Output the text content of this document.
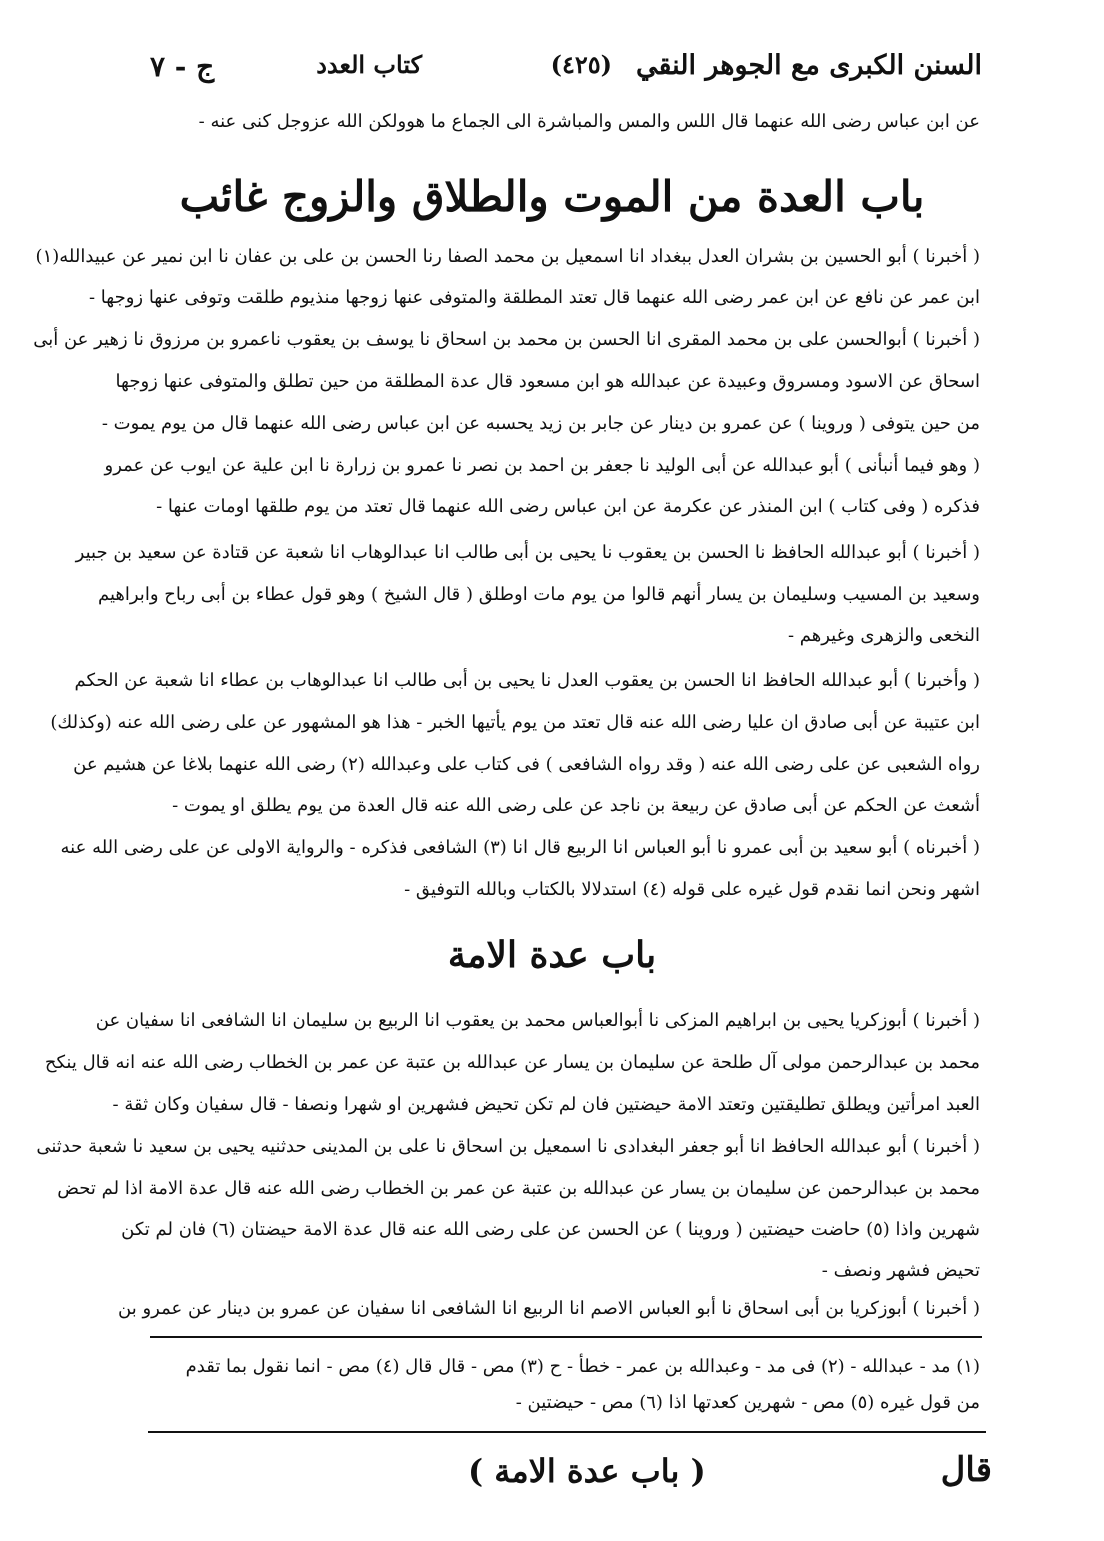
السنن الكبرى مع الجوهر النقي
(٤٢٥)
كتاب العدد
ج - ٧
عن ابن عباس رضى الله عنهما قال اللس والمس والمباشرة الى الجماع ما هوولكن الله عزوجل كنى عنه -
باب العدة من الموت والطلاق والزوج غائب
( أخبرنا ) أبو الحسين بن بشران العدل ببغداد انا اسمعيل بن محمد الصفا رنا الحسن بن على بن عفان نا ابن نمير عن عبيدالله(١)
ابن عمر عن نافع عن ابن عمر رضى الله عنهما قال تعتد المطلقة والمتوفى عنها زوجها منذيوم طلقت وتوفى عنها زوجها -
( أخبرنا ) أبوالحسن على بن محمد المقرى انا الحسن بن محمد بن اسحاق نا يوسف بن يعقوب ناعمرو بن مرزوق نا زهير عن أبى
اسحاق عن الاسود ومسروق وعبيدة عن عبدالله هو ابن مسعود قال عدة المطلقة من حين تطلق والمتوفى عنها زوجها
من حين يتوفى ( وروينا ) عن عمرو بن دينار عن جابر بن زيد يحسبه عن ابن عباس رضى الله عنهما قال من يوم يموت -
( وهو فيما أنبأنى ) أبو عبدالله عن أبى الوليد نا جعفر بن احمد بن نصر نا عمرو بن زرارة نا ابن علية عن ايوب عن عمرو
فذكره ( وفى كتاب ) ابن المنذر عن عكرمة عن ابن عباس رضى الله عنهما قال تعتد من يوم طلقها اومات عنها -
( أخبرنا ) أبو عبدالله الحافظ نا الحسن بن يعقوب نا يحيى بن أبى طالب انا عبدالوهاب انا شعبة عن قتادة عن سعيد بن جبير
وسعيد بن المسيب وسليمان بن يسار أنهم قالوا من يوم مات اوطلق ( قال الشيخ ) وهو قول عطاء بن أبى رباح وابراهيم
النخعى والزهرى وغيرهم -
( وأخبرنا ) أبو عبدالله الحافظ انا الحسن بن يعقوب العدل نا يحيى بن أبى طالب انا عبدالوهاب بن عطاء انا شعبة عن الحكم
ابن عتيبة عن أبى صادق ان عليا رضى الله عنه قال تعتد من يوم يأتيها الخبر - هذا هو المشهور عن على رضى الله عنه (وكذلك)
رواه الشعبى عن على رضى الله عنه ( وقد رواه الشافعى ) فى كتاب على وعبدالله (٢) رضى الله عنهما بلاغا عن هشيم عن
أشعث عن الحكم عن أبى صادق عن ربيعة بن ناجد عن على رضى الله عنه قال العدة من يوم يطلق او يموت -
( أخبرناه ) أبو سعيد بن أبى عمرو نا أبو العباس انا الربيع قال انا (٣) الشافعى فذكره - والرواية الاولى عن على رضى الله عنه
اشهر ونحن انما نقدم قول غيره على قوله (٤) استدلالا بالكتاب وبالله التوفيق -
باب عدة الامة
( أخبرنا ) أبوزكريا يحيى بن ابراهيم المزكى نا أبوالعباس محمد بن يعقوب انا الربيع بن سليمان انا الشافعى انا سفيان عن
محمد بن عبدالرحمن مولى آل طلحة عن سليمان بن يسار عن عبدالله بن عتبة عن عمر بن الخطاب رضى الله عنه انه قال ينكح
العبد امرأتين ويطلق تطليقتين وتعتد الامة حيضتين فان لم تكن تحيض فشهرين او شهرا ونصفا - قال سفيان وكان ثقة -
( أخبرنا ) أبو عبدالله الحافظ انا أبو جعفر البغدادى نا اسمعيل بن اسحاق نا على بن المدينى حدثنيه يحيى بن سعيد نا شعبة حدثنى
محمد بن عبدالرحمن عن سليمان بن يسار عن عبدالله بن عتبة عن عمر بن الخطاب رضى الله عنه قال عدة الامة اذا لم تحض
شهرين واذا (٥) حاضت حيضتين ( وروينا ) عن الحسن عن على رضى الله عنه قال عدة الامة حيضتان (٦) فان لم تكن
تحيض فشهر ونصف -
( أخبرنا ) أبوزكريا بن أبى اسحاق نا أبو العباس الاصم انا الربيع انا الشافعى انا سفيان عن عمرو بن دينار عن عمرو بن
(١) مد - عبدالله - (٢) فى مد - وعبدالله بن عمر - خطأ - ح (٣) مص - قال قال (٤) مص - انما نقول بما تقدم
من قول غيره (٥) مص - شهرين كعدتها اذا (٦) مص - حيضتين -
( باب عدة الامة )	قال
